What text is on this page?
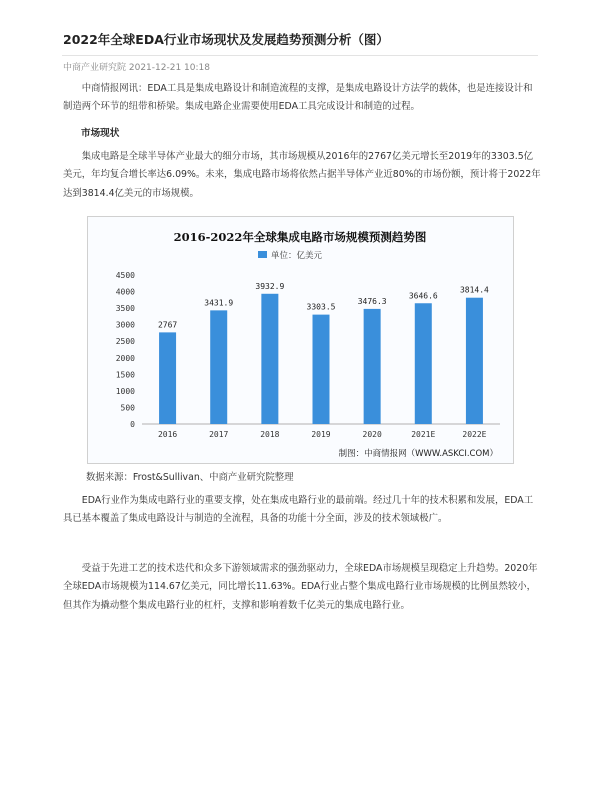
2022年全球EDA行业市场现状及发展趋势预测分析（图）
中商产业研究院 2021-12-21 10:18

中商情报网讯：EDA工具是集成电路设计和制造流程的支撑，是集成电路设计方法学的载体，也是连接设计和制造两个环节的纽带和桥梁。集成电路企业需要使用EDA工具完成设计和制造的过程。

市场现状

集成电路是全球半导体产业最大的细分市场，其市场规模从2016年的2767亿美元增长至2019年的3303.5亿美元，年均复合增长率达6.09%。未来，集成电路市场将依然占据半导体产业近80%的市场份额，预计将于2022年达到3814.4亿美元的市场规模。

2016-2022年全球集成电路市场规模预测趋势图
单位：亿美元
0
500
1000
1500
2000
2500
3000
3500
4000
4500
2767
2016
3431.9
2017
3932.9
2018
3303.5
2019
3476.3
2020
3646.6
2021E
3814.4
2022E
制图：中商情报网（WWW.ASKCI.COM）
数据来源：Frost&Sullivan、中商产业研究院整理

EDA行业作为集成电路行业的重要支撑，处在集成电路行业的最前端。经过几十年的技术积累和发展，EDA工具已基本覆盖了集成电路设计与制造的全流程，具备的功能十分全面，涉及的技术领域极广。

受益于先进工艺的技术迭代和众多下游领域需求的强劲驱动力，全球EDA市场规模呈现稳定上升趋势。2020年全球EDA市场规模为114.67亿美元，同比增长11.63%。EDA行业占整个集成电路行业市场规模的比例虽然较小，但其作为撬动整个集成电路行业的杠杆，支撑和影响着数千亿美元的集成电路行业。
